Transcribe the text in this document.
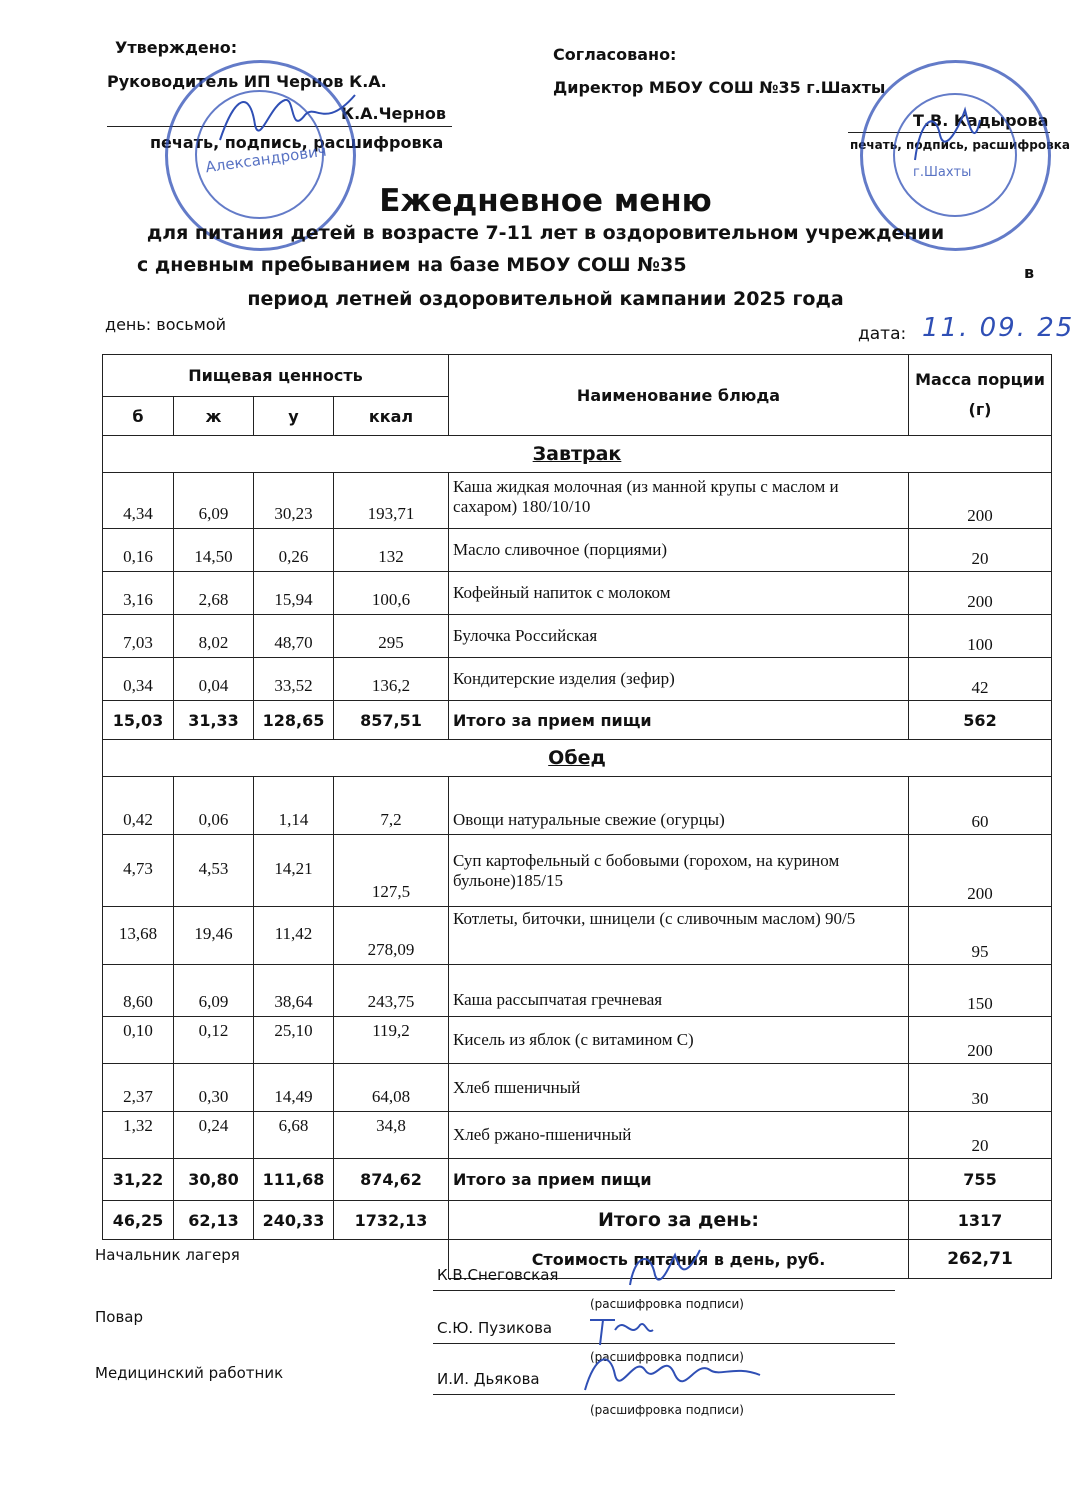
Утверждено:
Руководитель ИП Чернов К.А.
К.А.Чернов
печать, подпись, расшифровка
Согласовано:
Директор МБОУ СОШ №35 г.Шахты
Т.В. Кадырова
печать, подпись, расшифровка
Александрович	г.Шахты
Ежедневное меню
для питания детей в возрасте 7-11 лет в оздоровительном учреждении
с дневным пребыванием на базе МБОУ СОШ №35	в
период летней оздоровительной кампании 2025 года
день: восьмой	дата: 11. 09. 25
Пищевая ценность				Наименование блюда	Масса порции (г)
б	ж	у	ккал		
Завтрак					
4,34	6,09	30,23	193,71	Каша жидкая молочная (из манной крупы с маслом и сахаром) 180/10/10	200
0,16	14,50	0,26	132	Масло сливочное (порциями)	20
3,16	2,68	15,94	100,6	Кофейный напиток с молоком	200
7,03	8,02	48,70	295	Булочка Российская	100
0,34	0,04	33,52	136,2	Кондитерские изделия (зефир)	42
15,03	31,33	128,65	857,51	Итого за прием пищи	562
Обед					
0,42	0,06	1,14	7,2	Овощи натуральные свежие (огурцы)	60
4,73	4,53	14,21	127,5	Суп картофельный с бобовыми (горохом, на курином бульоне)185/15	200
13,68	19,46	11,42	278,09	Котлеты, биточки, шницели (с сливочным маслом) 90/5	95
8,60	6,09	38,64	243,75	Каша рассыпчатая гречневая	150
0,10	0,12	25,10	119,2	Кисель из яблок (с витамином С)	200
2,37	0,30	14,49	64,08	Хлеб пшеничный	30
1,32	0,24	6,68	34,8	Хлеб ржано-пшеничный	20
31,22	30,80	111,68	874,62	Итого за прием пищи	755
46,25	62,13	240,33	1732,13	Итого за день:	1317
				Стоимость питания в день, руб.	262,71
Начальник лагеря
К.В.Снеговская
(расшифровка подписи)
Повар
С.Ю. Пузикова
(расшифровка подписи)
Медицинский работник	И.И. Дьякова
(расшифровка подписи)
